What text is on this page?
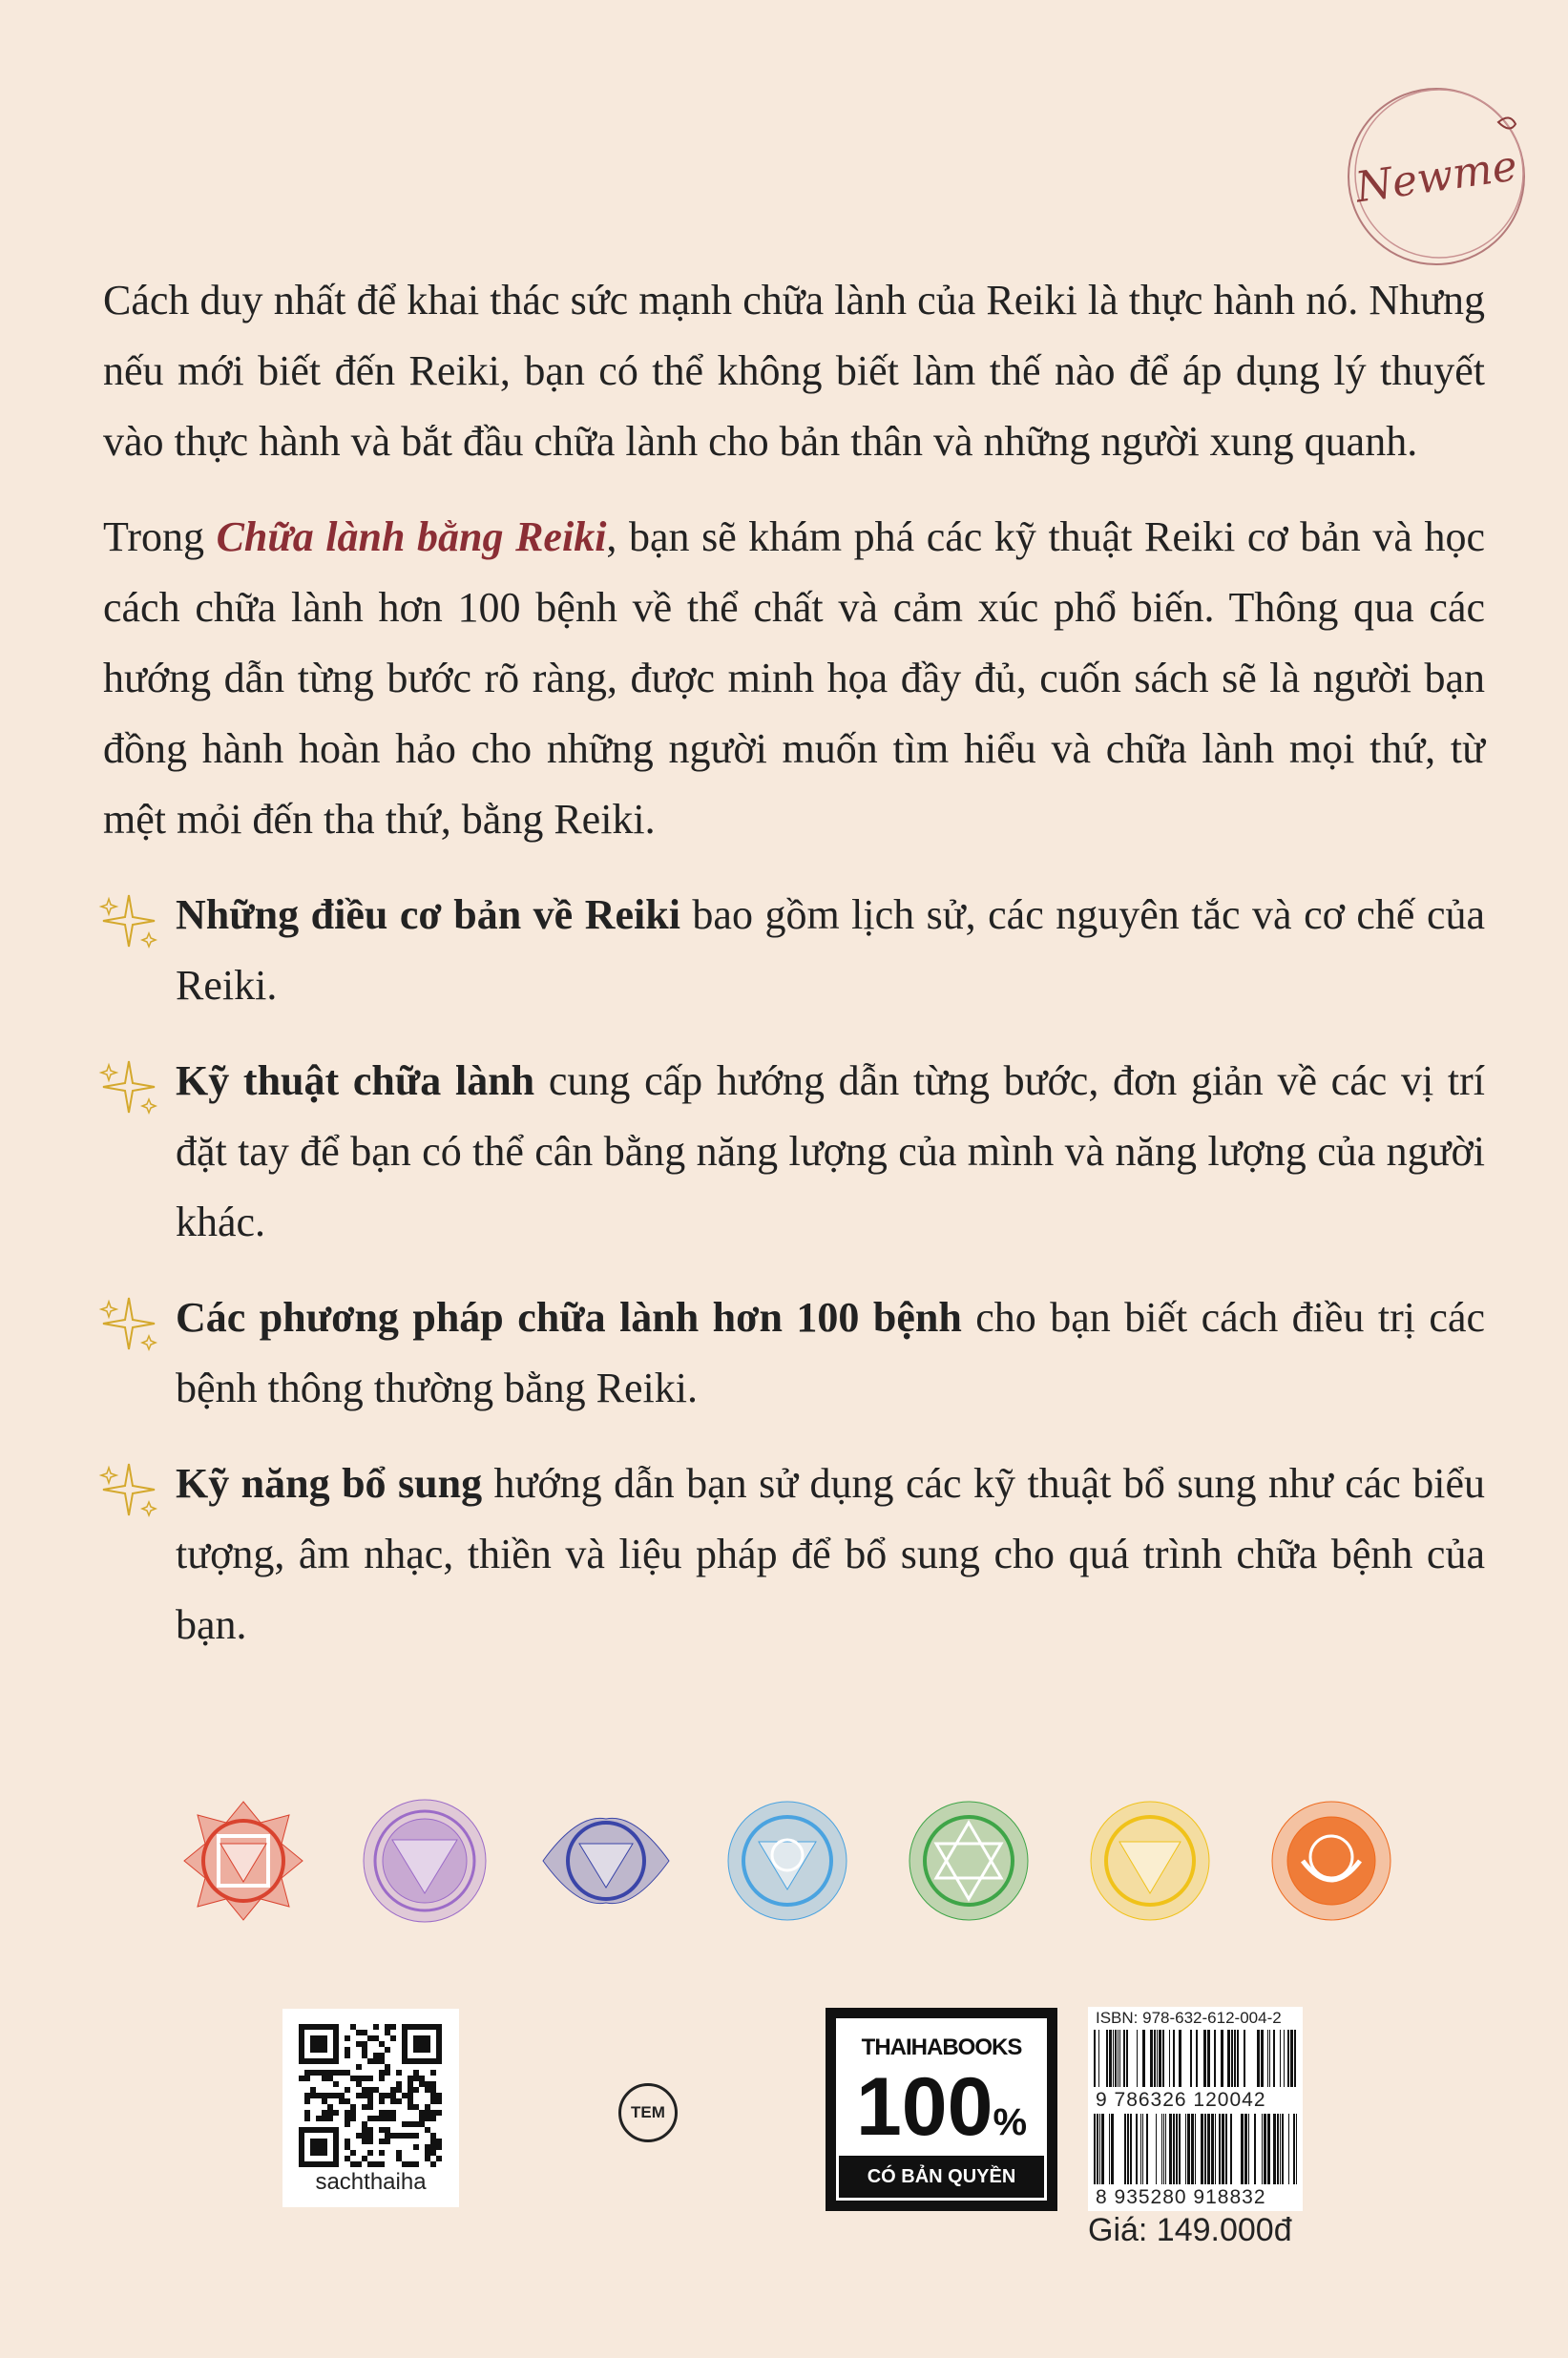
Newme

Cách duy nhất để khai thác sức mạnh chữa lành của Reiki là thực hành nó. Nhưng nếu mới biết đến Reiki, bạn có thể không biết làm thế nào để áp dụng lý thuyết vào thực hành và bắt đầu chữa lành cho bản thân và những người xung quanh.

Trong Chữa lành bằng Reiki, bạn sẽ khám phá các kỹ thuật Reiki cơ bản và học cách chữa lành hơn 100 bệnh về thể chất và cảm xúc phổ biến. Thông qua các hướng dẫn từng bước rõ ràng, được minh họa đầy đủ, cuốn sách sẽ là người bạn đồng hành hoàn hảo cho những người muốn tìm hiểu và chữa lành mọi thứ, từ mệt mỏi đến tha thứ, bằng Reiki.

Những điều cơ bản về Reiki bao gồm lịch sử, các nguyên tắc và cơ chế của Reiki.
Kỹ thuật chữa lành cung cấp hướng dẫn từng bước, đơn giản về các vị trí đặt tay để bạn có thể cân bằng năng lượng của mình và năng lượng của người khác.
Các phương pháp chữa lành hơn 100 bệnh cho bạn biết cách điều trị các bệnh thông thường bằng Reiki.
Kỹ năng bổ sung hướng dẫn bạn sử dụng các kỹ thuật bổ sung như các biểu tượng, âm nhạc, thiền và liệu pháp để bổ sung cho quá trình chữa bệnh của bạn.
sachthaiha
TEM
THAIHABOOKS
100%
CÓ BẢN QUYỀN
ISBN: 978-632-612-004-2
9 786326 120042
8 935280 918832
Giá: 149.000đ
